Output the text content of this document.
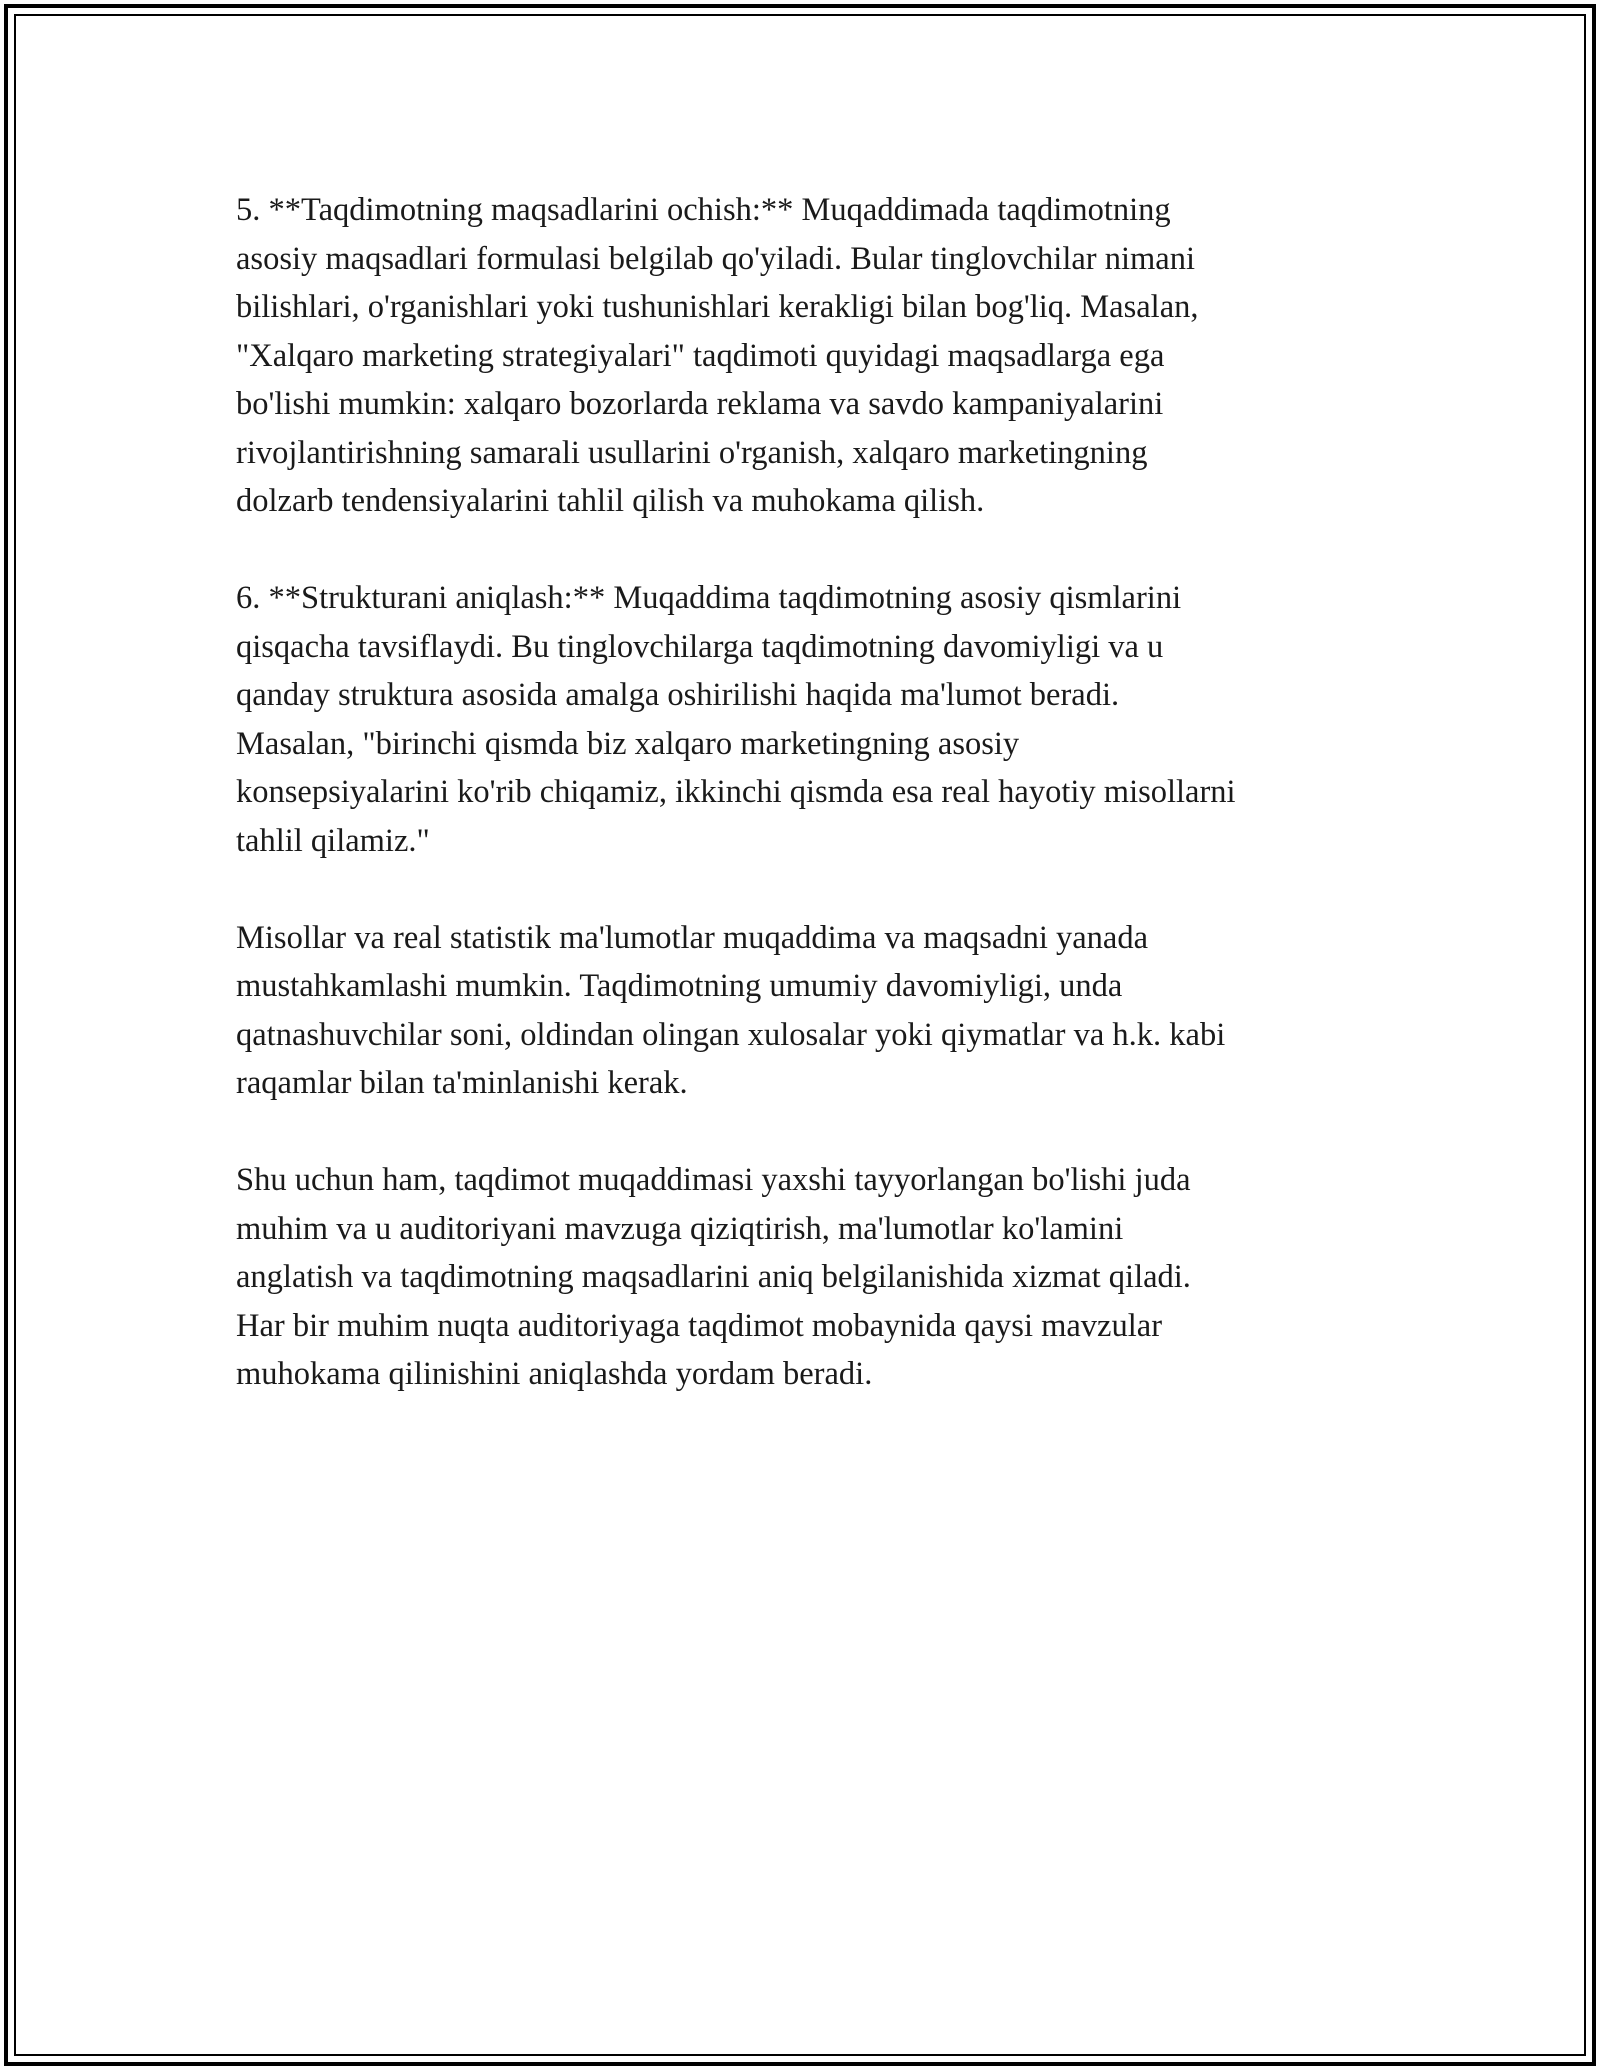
5. **Taqdimotning maqsadlarini ochish:** Muqaddimada taqdimotning
asosiy maqsadlari formulasi belgilab qo'yiladi. Bular tinglovchilar nimani
bilishlari, o'rganishlari yoki tushunishlari kerakligi bilan bog'liq. Masalan,
"Xalqaro marketing strategiyalari" taqdimoti quyidagi maqsadlarga ega
bo'lishi mumkin: xalqaro bozorlarda reklama va savdo kampaniyalarini
rivojlantirishning samarali usullarini o'rganish, xalqaro marketingning
dolzarb tendensiyalarini tahlil qilish va muhokama qilish.

6. **Strukturani aniqlash:** Muqaddima taqdimotning asosiy qismlarini
qisqacha tavsiflaydi. Bu tinglovchilarga taqdimotning davomiyligi va u
qanday struktura asosida amalga oshirilishi haqida ma'lumot beradi.
Masalan, "birinchi qismda biz xalqaro marketingning asosiy
konsepsiyalarini ko'rib chiqamiz, ikkinchi qismda esa real hayotiy misollarni
tahlil qilamiz."

Misollar va real statistik ma'lumotlar muqaddima va maqsadni yanada
mustahkamlashi mumkin. Taqdimotning umumiy davomiyligi, unda
qatnashuvchilar soni, oldindan olingan xulosalar yoki qiymatlar va h.k. kabi
raqamlar bilan ta'minlanishi kerak.

Shu uchun ham, taqdimot muqaddimasi yaxshi tayyorlangan bo'lishi juda
muhim va u auditoriyani mavzuga qiziqtirish, ma'lumotlar ko'lamini
anglatish va taqdimotning maqsadlarini aniq belgilanishida xizmat qiladi.
Har bir muhim nuqta auditoriyaga taqdimot mobaynida qaysi mavzular
muhokama qilinishini aniqlashda yordam beradi.
